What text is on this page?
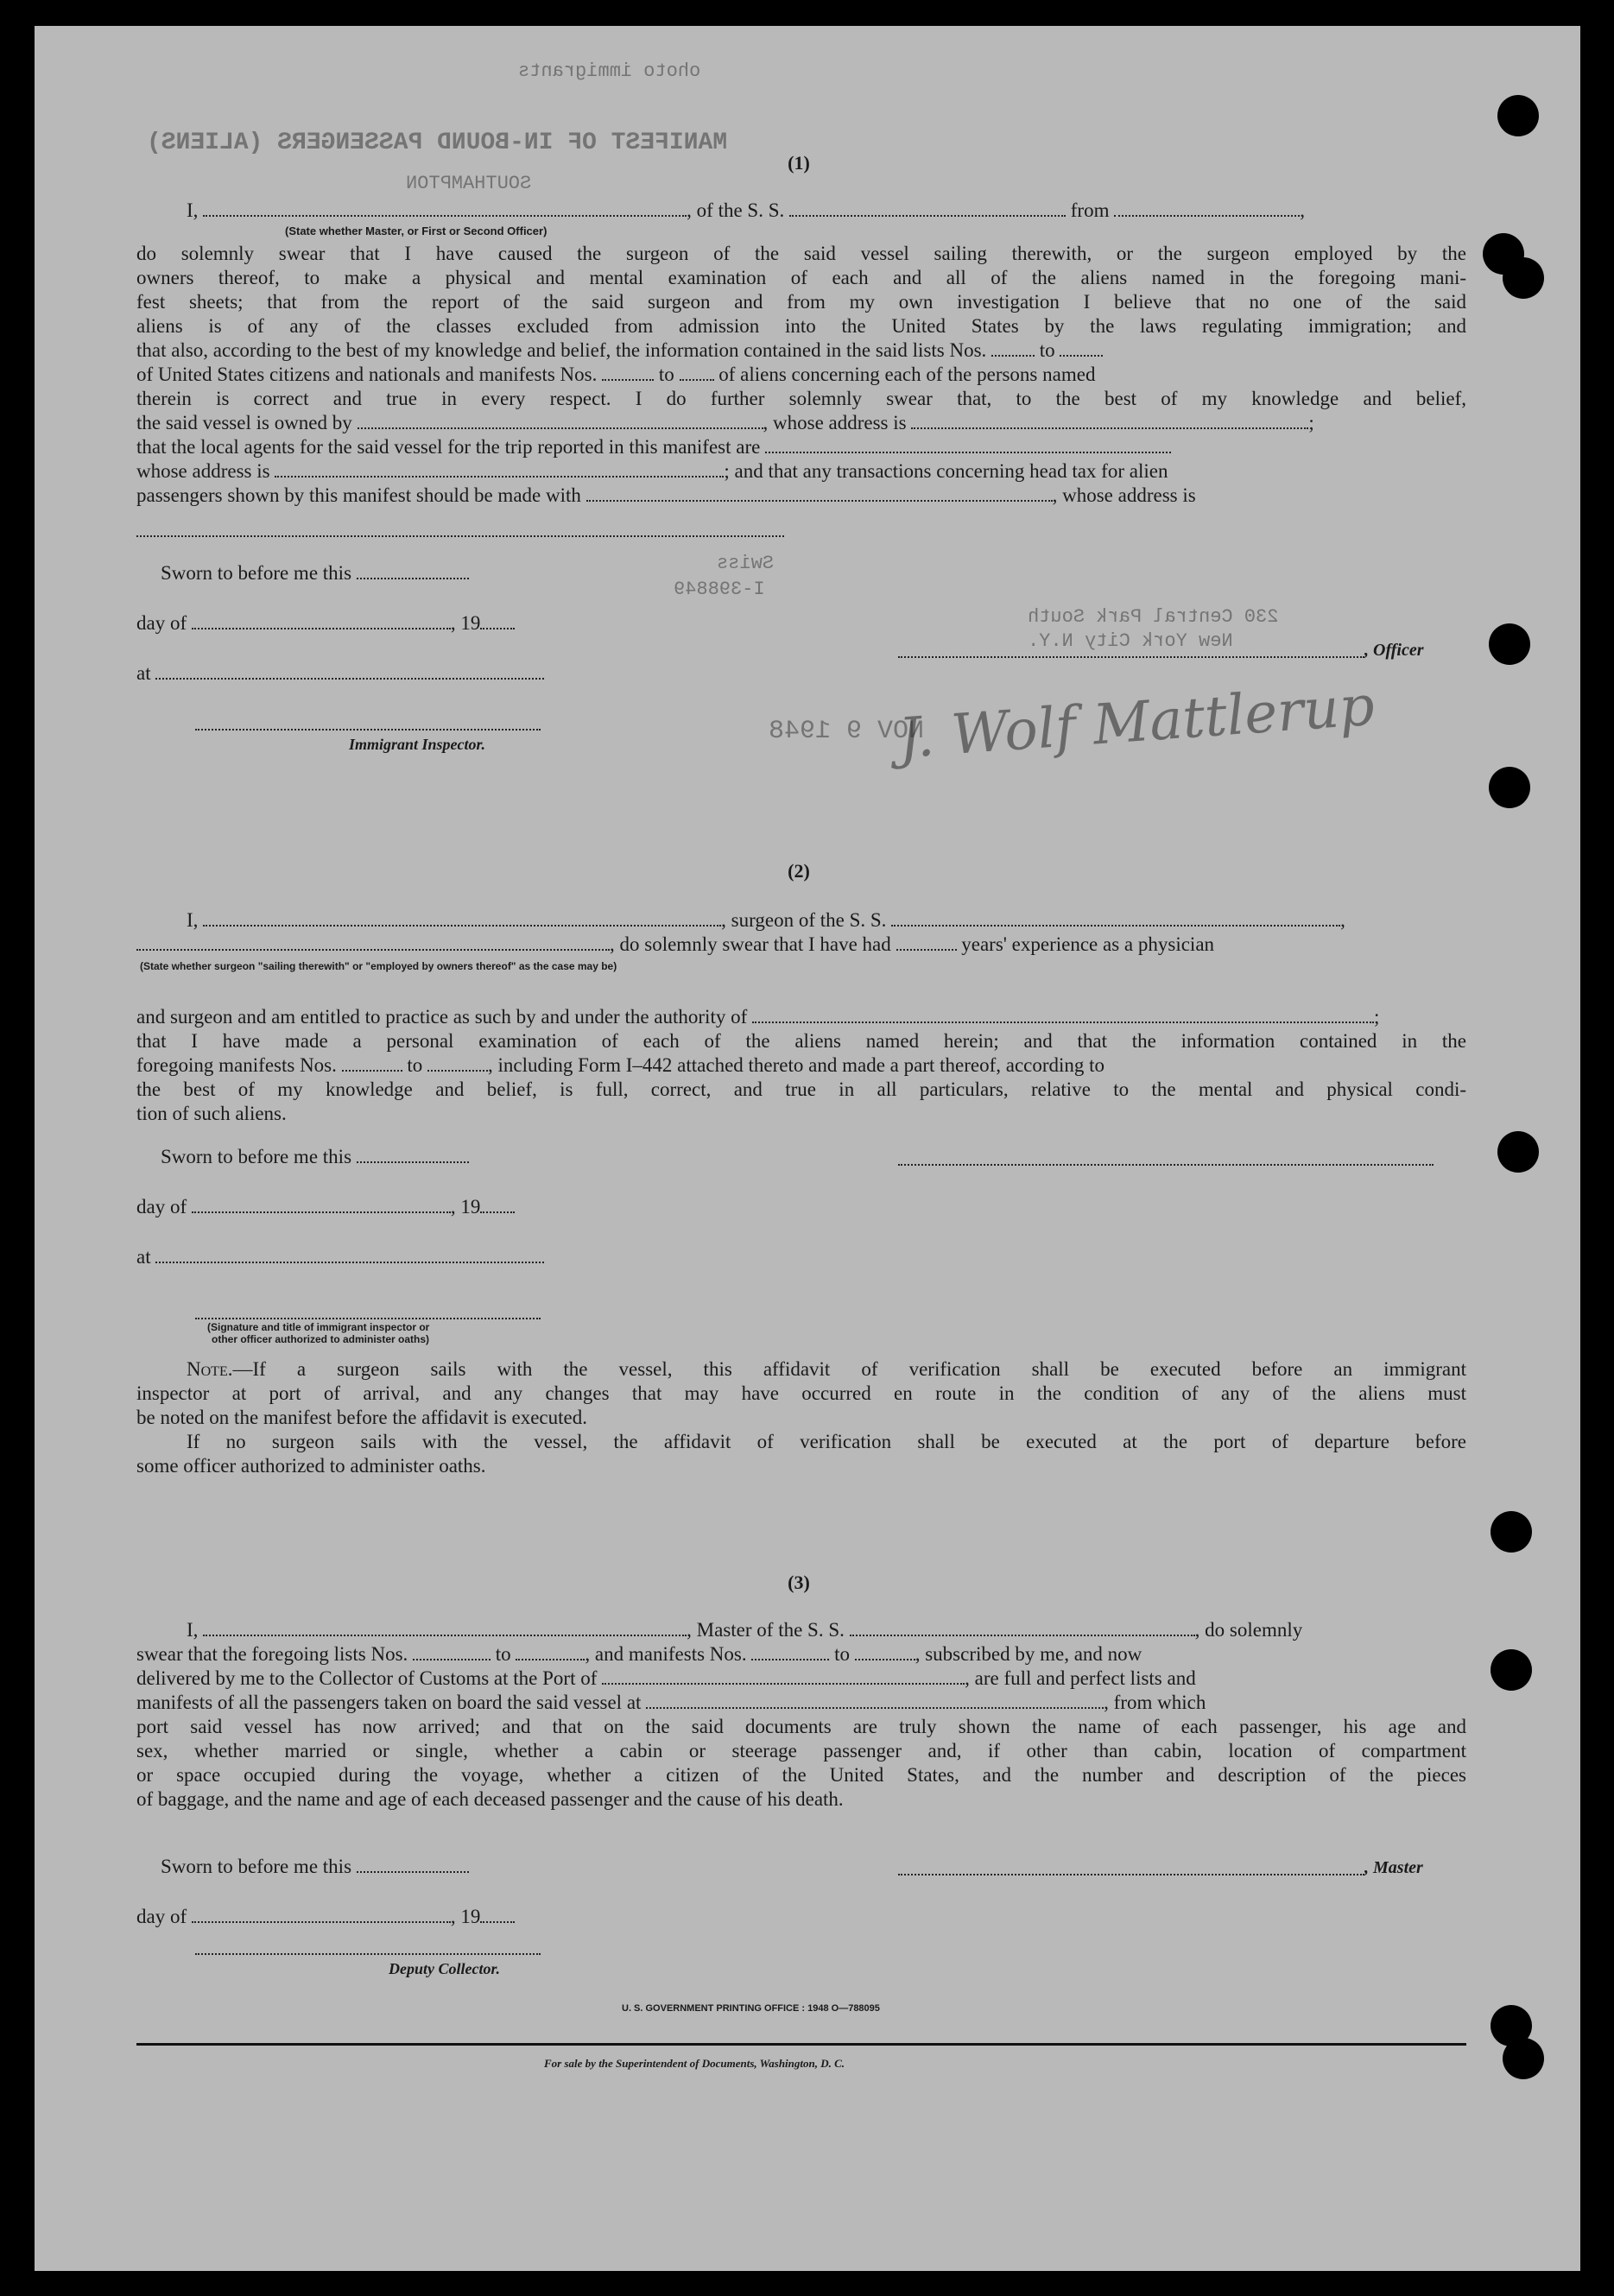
ohoto immigrants
MANIFEST OF IN-BOUND PASSENGERS (ALIENS)
SOUTHAMPTON
NOV 9 1948
New York City N.Y.
230 Central Park South
Swiss
I-398849
J. Wolf Mattlerup
(1)
I,	, of the S. S.	from	,
(State whether Master, or First or Second Officer)
do solemnly swear that I have caused the surgeon of the said vessel sailing therewith, or the surgeon employed by the
owners thereof, to make a physical and mental examination of each and all of the aliens named in the foregoing mani-
fest sheets; that from the report of the said surgeon and from my own investigation I believe that no one of the said
aliens is of any of the classes excluded from admission into the United States by the laws regulating immigration; and
that also, according to the best of my knowledge and belief, the information contained in the said lists Nos.	to
of United States citizens and nationals and manifests Nos.	to of aliens concerning each of the persons named
therein is correct and true in every respect. I do further solemnly swear that, to the best of my knowledge and belief,
the said vessel is owned by	, whose address is	;
that the local agents for the said vessel for the trip reported in this manifest are
whose address is	; and that any transactions concerning head tax for alien
passengers shown by this manifest should be made with	, whose address is
Sworn to before me this
day of	, 19
at
, Officer
Immigrant Inspector.
(2)
I,	, surgeon of the S. S.	,
, do solemnly swear that I have had	years' experience as a physician
(State whether surgeon "sailing therewith" or "employed by owners thereof" as the case may be)
and surgeon and am entitled to practice as such by and under the authority of	;
that I have made a personal examination of each of the aliens named herein; and that the information contained in the
foregoing manifests Nos.	to	, including Form I–442 attached thereto and made a part thereof, according to
the best of my knowledge and belief, is full, correct, and true in all particulars, relative to the mental and physical condi-
tion of such aliens.
Sworn to before me this
day of	, 19
at
(Signature and title of immigrant inspector or
other officer authorized to administer oaths)
Note.—If a surgeon sails with the vessel, this affidavit of verification shall be executed before an immigrant
inspector at port of arrival, and any changes that may have occurred en route in the condition of any of the aliens must
be noted on the manifest before the affidavit is executed.
If no surgeon sails with the vessel, the affidavit of verification shall be executed at the port of departure before
some officer authorized to administer oaths.
(3)
I,	, Master of the S. S.	, do solemnly
swear that the foregoing lists Nos.	to	, and manifests Nos.	to	, subscribed by me, and now
delivered by me to the Collector of Customs at the Port of	, are full and perfect lists and
manifests of all the passengers taken on board the said vessel at	, from which
port said vessel has now arrived; and that on the said documents are truly shown the name of each passenger, his age and
sex, whether married or single, whether a cabin or steerage passenger and, if other than cabin, location of compartment
or space occupied during the voyage, whether a citizen of the United States, and the number and description of the pieces
of baggage, and the name and age of each deceased passenger and the cause of his death.
Sworn to before me this	, Master
day of	, 19
Deputy Collector.
U. S. GOVERNMENT PRINTING OFFICE : 1948 O—788095
For sale by the Superintendent of Documents, Washington, D. C.
